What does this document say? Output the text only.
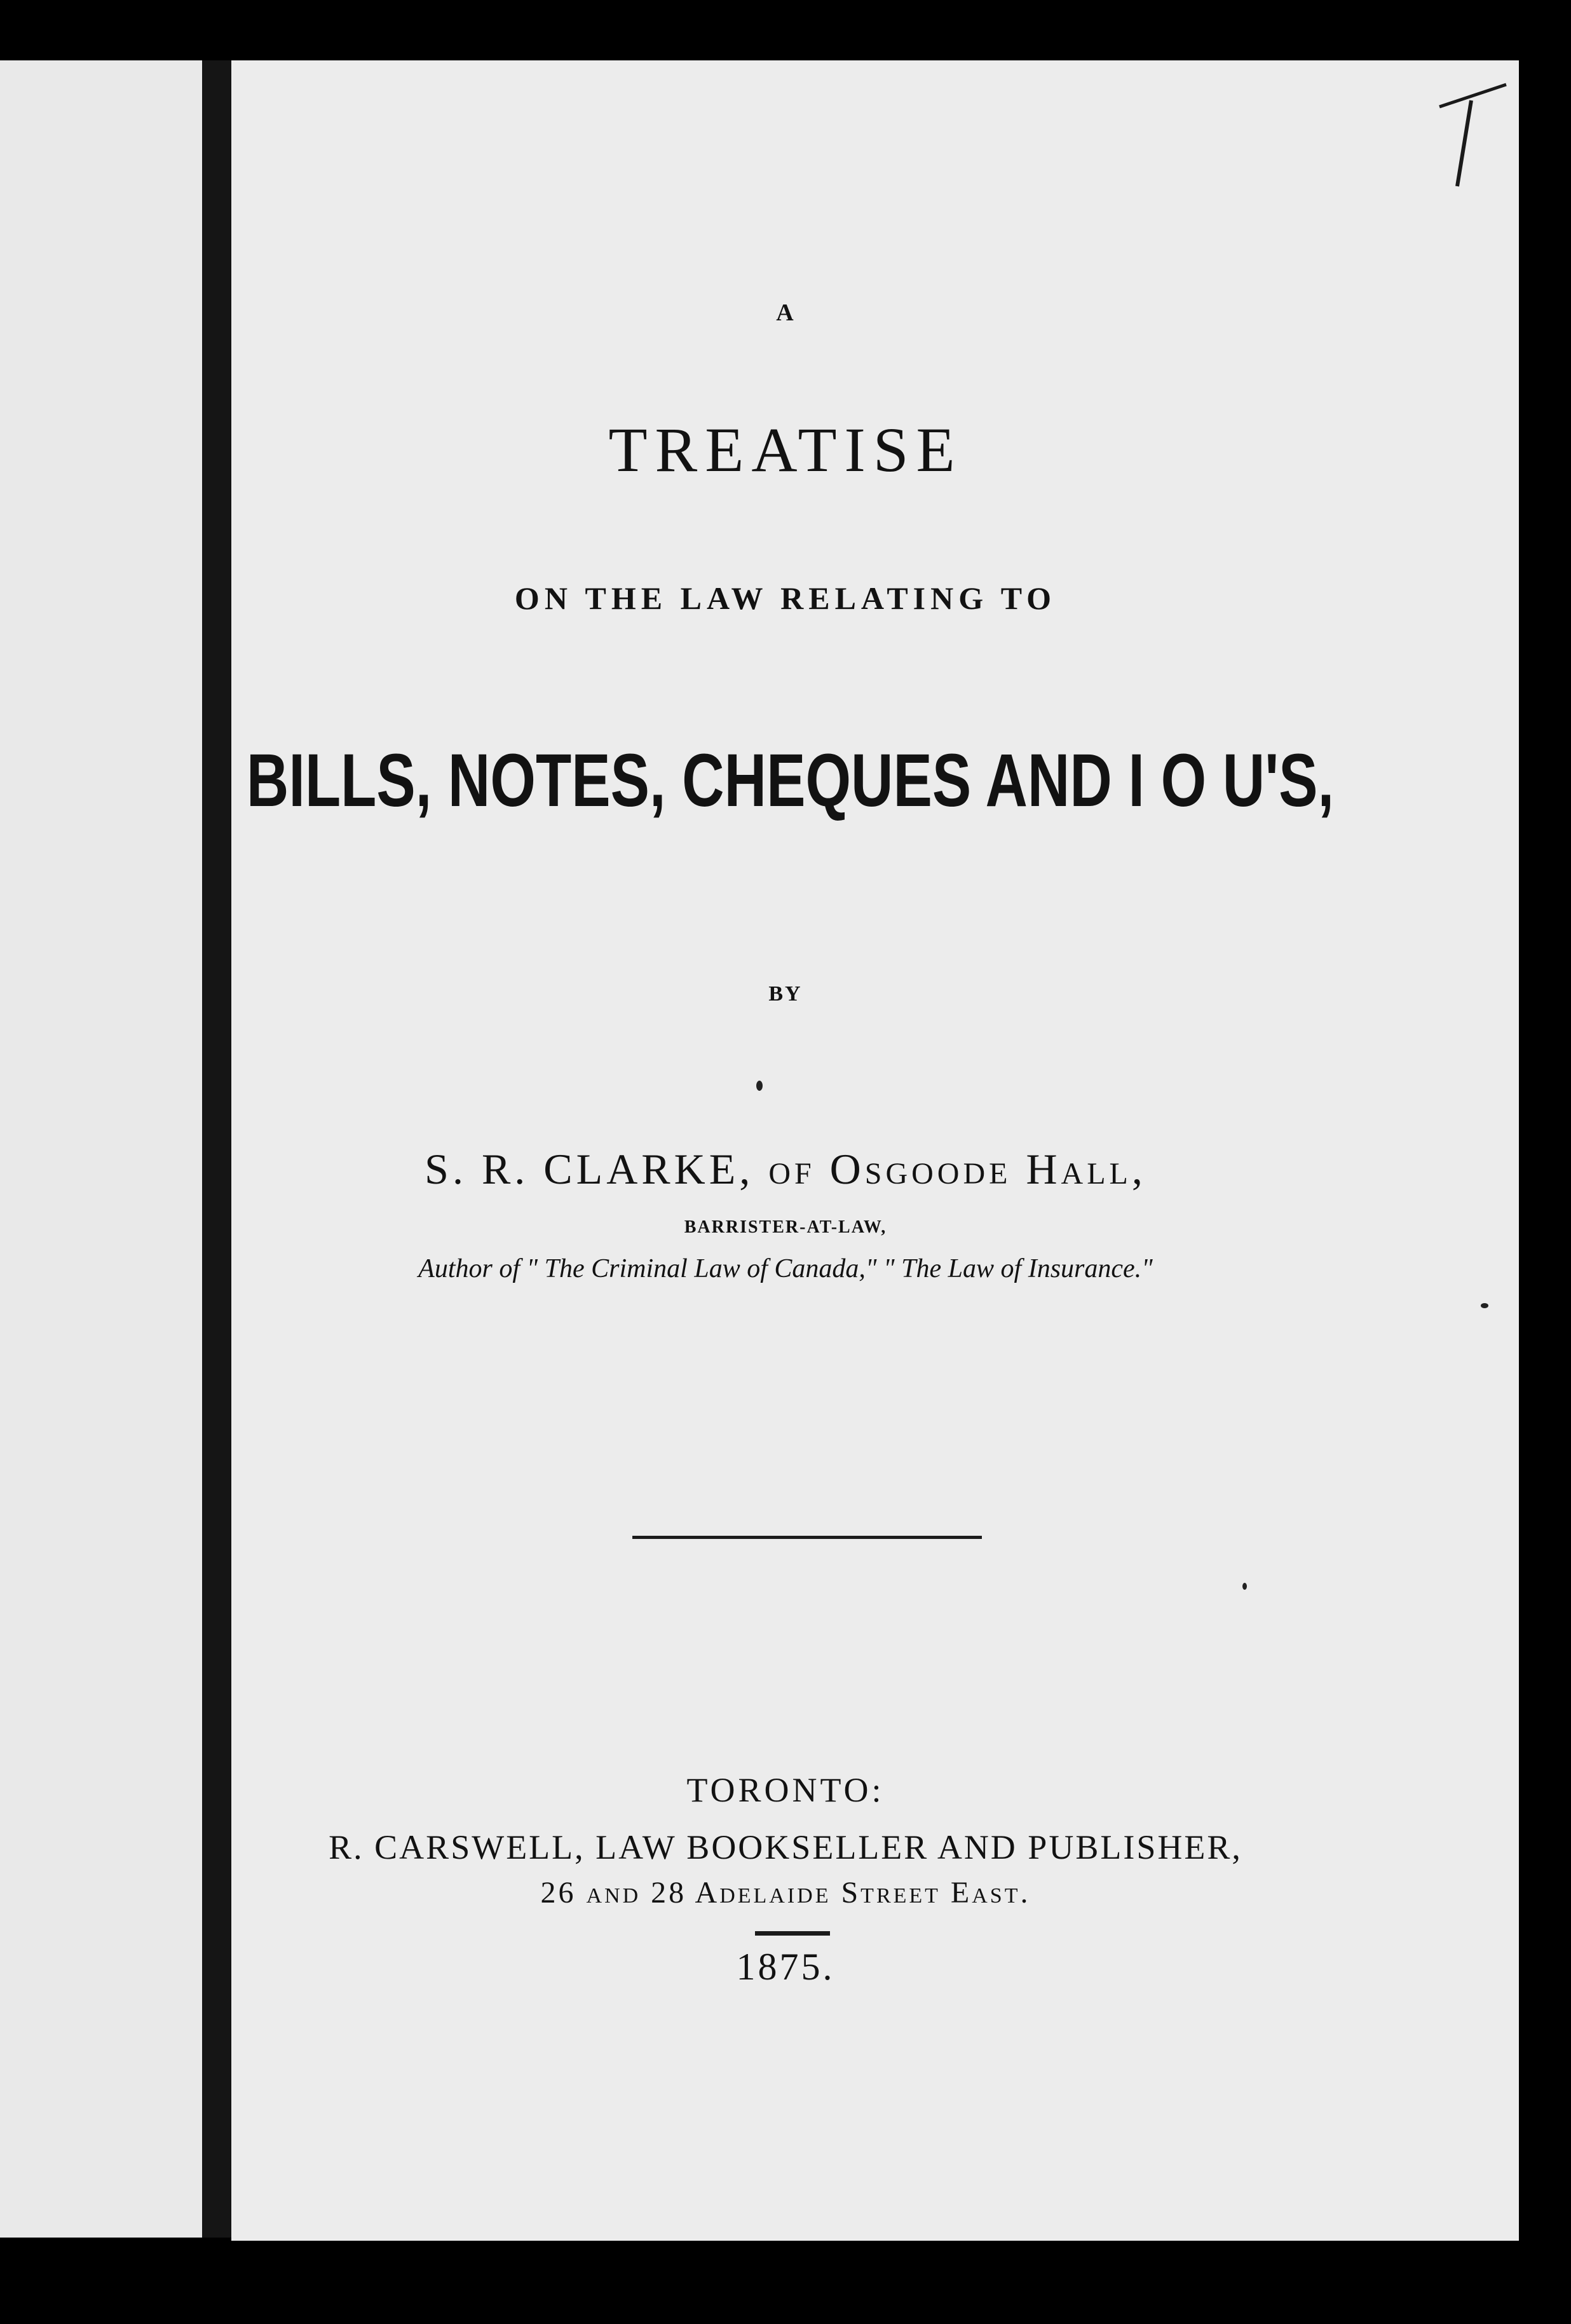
A
TREATISE
ON THE LAW RELATING TO
BILLS, NOTES, CHEQUES AND I O U'S,
BY
S. R. CLARKE, of Osgoode Hall,
BARRISTER-AT-LAW,
Author of " The Criminal Law of Canada," " The Law of Insurance."
TORONTO:
R. CARSWELL, LAW BOOKSELLER AND PUBLISHER,
26 and 28 Adelaide Street East.
1875.
